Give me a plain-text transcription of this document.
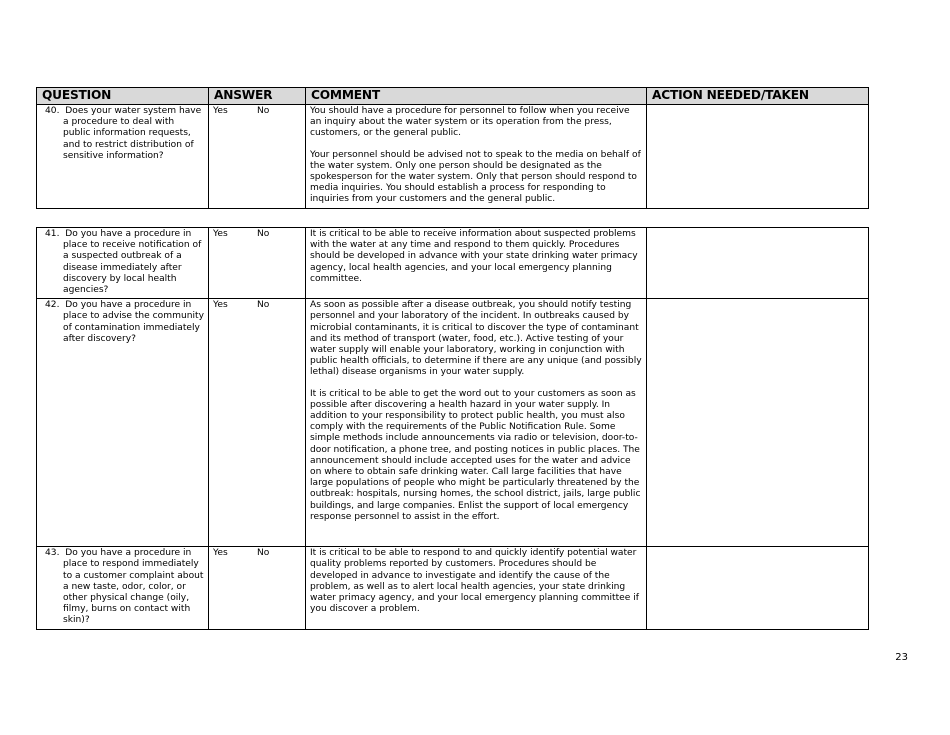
QUESTION	ANSWER	COMMENT	ACTION NEEDED/TAKEN

40. Does your water system have a procedure to deal with public information requests, and to restrict distribution of sensitive information?	Yes No	You should have a procedure for personnel to follow when you receive an inquiry about the water system or its operation from the press, customers, or the general public.

Your personnel should be advised not to speak to the media on behalf of the water system. Only one person should be designated as the spokesperson for the water system. Only that person should respond to media inquiries. You should establish a process for responding to inquiries from your customers and the general public.	

41. Do you have a procedure in place to receive notification of a suspected outbreak of a disease immediately after discovery by local health agencies?	Yes No	It is critical to be able to receive information about suspected problems with the water at any time and respond to them quickly. Procedures should be developed in advance with your state drinking water primacy agency, local health agencies, and your local emergency planning committee.	

42. Do you have a procedure in place to advise the community of contamination immediately after discovery?	Yes No	As soon as possible after a disease outbreak, you should notify testing personnel and your laboratory of the incident. In outbreaks caused by microbial contaminants, it is critical to discover the type of contaminant and its method of transport (water, food, etc.). Active testing of your water supply will enable your laboratory, working in conjunction with public health officials, to determine if there are any unique (and possibly lethal) disease organisms in your water supply.

It is critical to be able to get the word out to your customers as soon as possible after discovering a health hazard in your water supply. In addition to your responsibility to protect public health, you must also comply with the requirements of the Public Notification Rule. Some simple methods include announcements via radio or television, door-to-door notification, a phone tree, and posting notices in public places. The announcement should include accepted uses for the water and advice on where to obtain safe drinking water. Call large facilities that have large populations of people who might be particularly threatened by the outbreak: hospitals, nursing homes, the school district, jails, large public buildings, and large companies. Enlist the support of local emergency response personnel to assist in the effort.	

43. Do you have a procedure in place to respond immediately to a customer complaint about a new taste, odor, color, or other physical change (oily, filmy, burns on contact with skin)?	Yes No	It is critical to be able to respond to and quickly identify potential water quality problems reported by customers. Procedures should be developed in advance to investigate and identify the cause of the problem, as well as to alert local health agencies, your state drinking water primacy agency, and your local emergency planning committee if you discover a problem.	

23
